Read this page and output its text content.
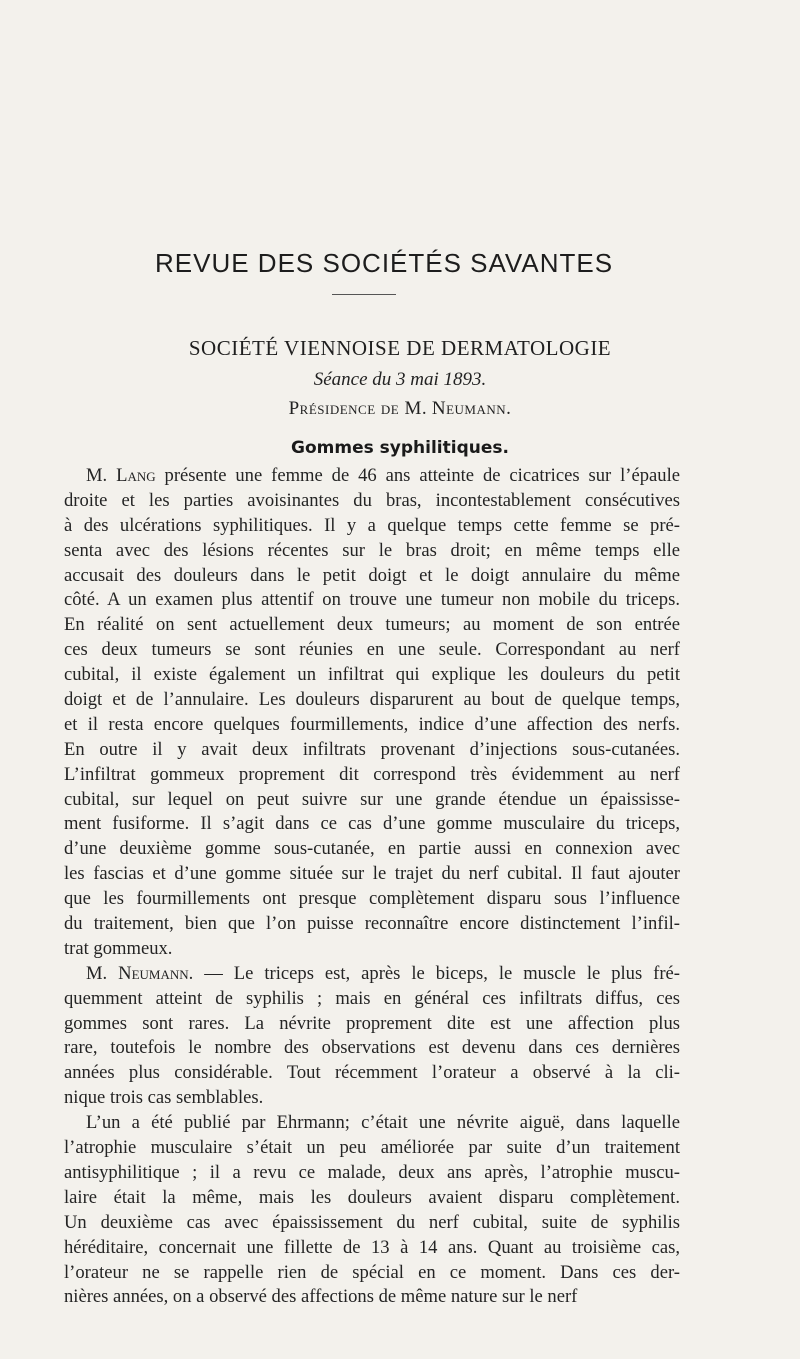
REVUE DES SOCIÉTÉS SAVANTES
SOCIÉTÉ VIENNOISE DE DERMATOLOGIE
Séance du 3 mai 1893.
Présidence de M. Neumann.
Gommes syphilitiques.
M. Lang présente une femme de 46 ans atteinte de cicatrices sur l’épaule
droite et les parties avoisinantes du bras, incontestablement consécutives
à des ulcérations syphilitiques. Il y a quelque temps cette femme se pré-
senta avec des lésions récentes sur le bras droit; en même temps elle
accusait des douleurs dans le petit doigt et le doigt annulaire du même
côté. A un examen plus attentif on trouve une tumeur non mobile du triceps.
En réalité on sent actuellement deux tumeurs; au moment de son entrée
ces deux tumeurs se sont réunies en une seule. Correspondant au nerf
cubital, il existe également un infiltrat qui explique les douleurs du petit
doigt et de l’annulaire. Les douleurs disparurent au bout de quelque temps,
et il resta encore quelques fourmillements, indice d’une affection des nerfs.
En outre il y avait deux infiltrats provenant d’injections sous-cutanées.
L’infiltrat gommeux proprement dit correspond très évidemment au nerf
cubital, sur lequel on peut suivre sur une grande étendue un épaississe-
ment fusiforme. Il s’agit dans ce cas d’une gomme musculaire du triceps,
d’une deuxième gomme sous-cutanée, en partie aussi en connexion avec
les fascias et d’une gomme située sur le trajet du nerf cubital. Il faut ajouter
que les fourmillements ont presque complètement disparu sous l’influence
du traitement, bien que l’on puisse reconnaître encore distinctement l’infil-
trat gommeux.
M. Neumann. — Le triceps est, après le biceps, le muscle le plus fré-
quemment atteint de syphilis ; mais en général ces infiltrats diffus, ces
gommes sont rares. La névrite proprement dite est une affection plus
rare, toutefois le nombre des observations est devenu dans ces dernières
années plus considérable. Tout récemment l’orateur a observé à la cli-
nique trois cas semblables.
L’un a été publié par Ehrmann; c’était une névrite aiguë, dans laquelle
l’atrophie musculaire s’était un peu améliorée par suite d’un traitement
antisyphilitique ; il a revu ce malade, deux ans après, l’atrophie muscu-
laire était la même, mais les douleurs avaient disparu complètement.
Un deuxième cas avec épaississement du nerf cubital, suite de syphilis
héréditaire, concernait une fillette de 13 à 14 ans. Quant au troisième cas,
l’orateur ne se rappelle rien de spécial en ce moment. Dans ces der-
nières années, on a observé des affections de même nature sur le nerf
